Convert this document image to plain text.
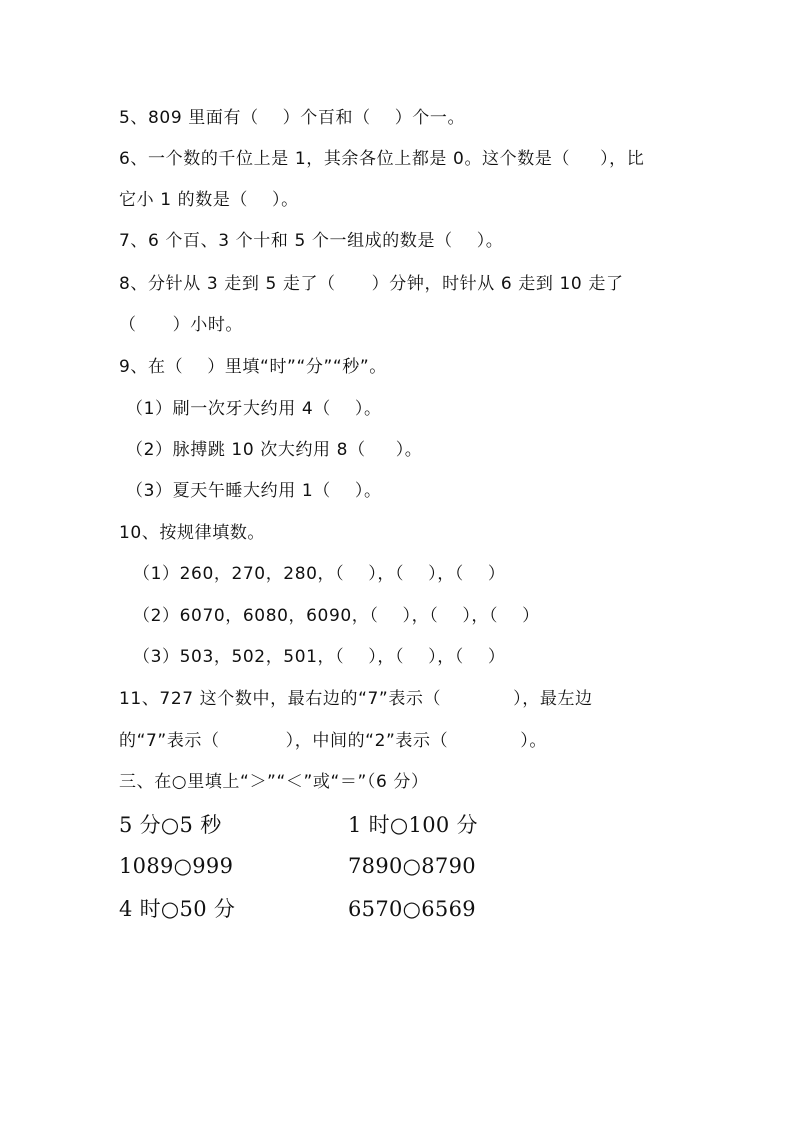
5、809 里面有（    ）个百和（    ）个一。
6、一个数的千位上是 1，其余各位上都是 0。这个数是（     ），比
它小 1 的数是（    ）。
7、6 个百、3 个十和 5 个一组成的数是（    ）。
8、分针从 3 走到 5 走了（      ）分钟，时针从 6 走到 10 走了
（      ）小时。
9、在（    ）里填“时”“分”“秒”。
（1）刷一次牙大约用 4（    ）。
（2）脉搏跳 10 次大约用 8（     ）。
（3）夏天午睡大约用 1（    ）。
10、按规律填数。
（1）260，270，280，（    ），（    ），（    ）
（2）6070，6080，6090，（    ），（    ），（    ）
（3）503，502，501，（    ），（    ），（    ）
11、727 这个数中，最右边的“7”表示（            ），最左边
的“7”表示（           ），中间的“2”表示（            ）。
三、在○里填上“＞”“＜”或“＝”（6 分）
5 分○5 秒	1 时○100 分
1089○999	7890○8790
4 时○50 分	6570○6569
